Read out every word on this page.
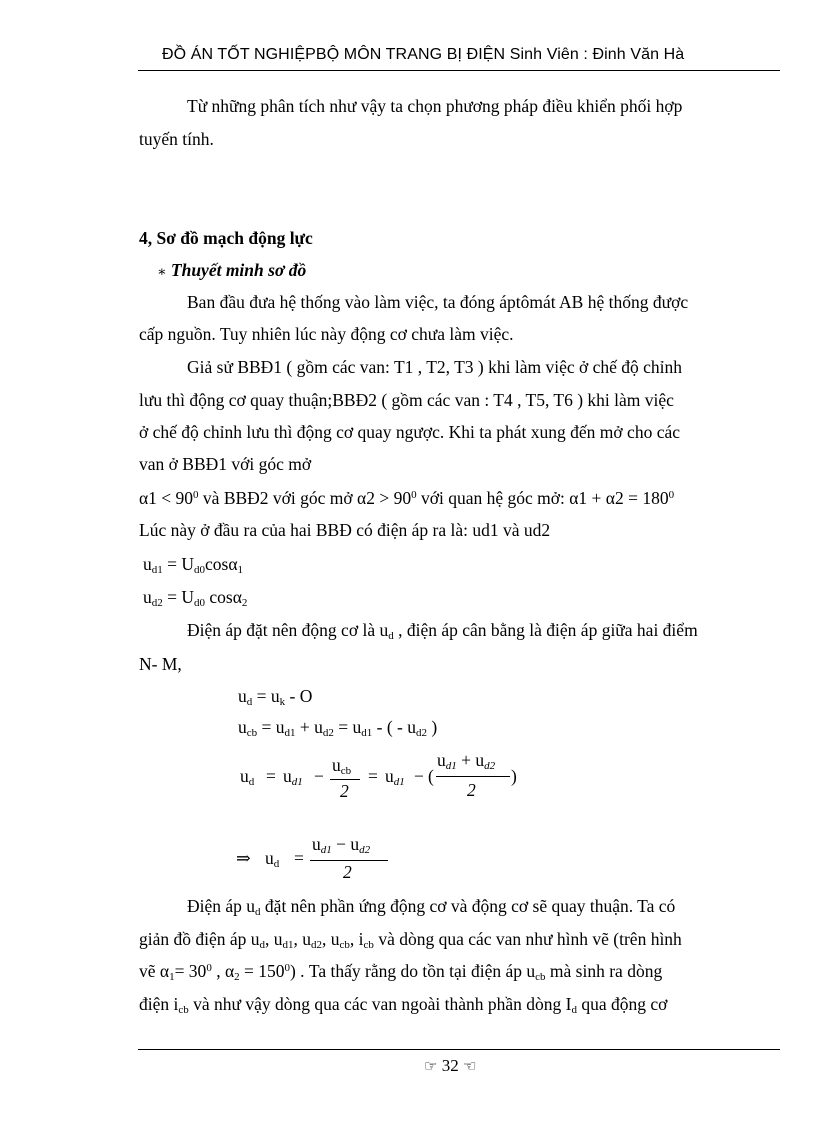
ĐỒ ÁN TỐT NGHIỆPBỘ MÔN TRANG BỊ ĐIỆN Sinh Viên : Đinh Văn Hà
Từ những phân tích như vậy ta chọn phương pháp điều khiển phối hợp
tuyến tính.
4, Sơ đồ mạch động lực
∗ Thuyết minh sơ đồ
Ban đầu đưa hệ thống vào làm việc, ta đóng áptômát AB hệ thống được
cấp nguồn. Tuy nhiên lúc này động cơ chưa làm việc.
Giả sử BBĐ1 ( gồm các van: T1 , T2, T3 ) khi làm việc ở chế độ chỉnh
lưu thì động cơ quay thuận;BBĐ2 ( gồm các van : T4 , T5, T6 ) khi làm việc
ở chế độ chỉnh lưu thì động cơ quay ngược. Khi ta phát xung đến mở cho các
van ở BBĐ1 với góc mở
$\alpha 1 < 90^0$ và BBĐ2 với góc mở $\alpha 2 > 90^0$ với quan hệ góc mở: $\alpha 1 + \alpha 2 = 180^0$
Lúc này ở đầu ra của hai BBĐ có điện áp ra là: ud1 và ud2
$u_{d1} = U_{d0}\cos\alpha_1$
$u_{d2} = U_{d0}$ cosα$_2$
Điện áp đặt nên động cơ là $u_d$ , điện áp cân bằng là điện áp giữa hai điểm
N- M,
$u_d = u_k - O$
$u_{cb} = u_{d1} + u_{d2} = u_{d1}$ - ( - $u_{d2}$ )
$u_d = u_{d1}$ −
$u_{cb}$
2
= $u_{d1}$ − (
$u_{d1} + u_{d2}$
2
)
⇒ $u_d$ =
$u_{d1} - u_{d2}$
2
Điện áp $u_d$ đặt nên phần ứng động cơ và động cơ sẽ quay thuận. Ta có
giản đồ điện áp $u_d$, $u_{d1}$, $u_{d2}$, $u_{cb}$, $i_{cb}$ và dòng qua các van như hình vẽ (trên hình
vẽ $\alpha_1= 30^0$ , $\alpha_2 = 150^0$) . Ta thấy rằng do tồn tại điện áp $u_{cb}$ mà sinh ra dòng
điện $i_{cb}$ và như vậy dòng qua các van ngoài thành phần dòng $I_d$ qua động cơ
☞ 32 ☜
